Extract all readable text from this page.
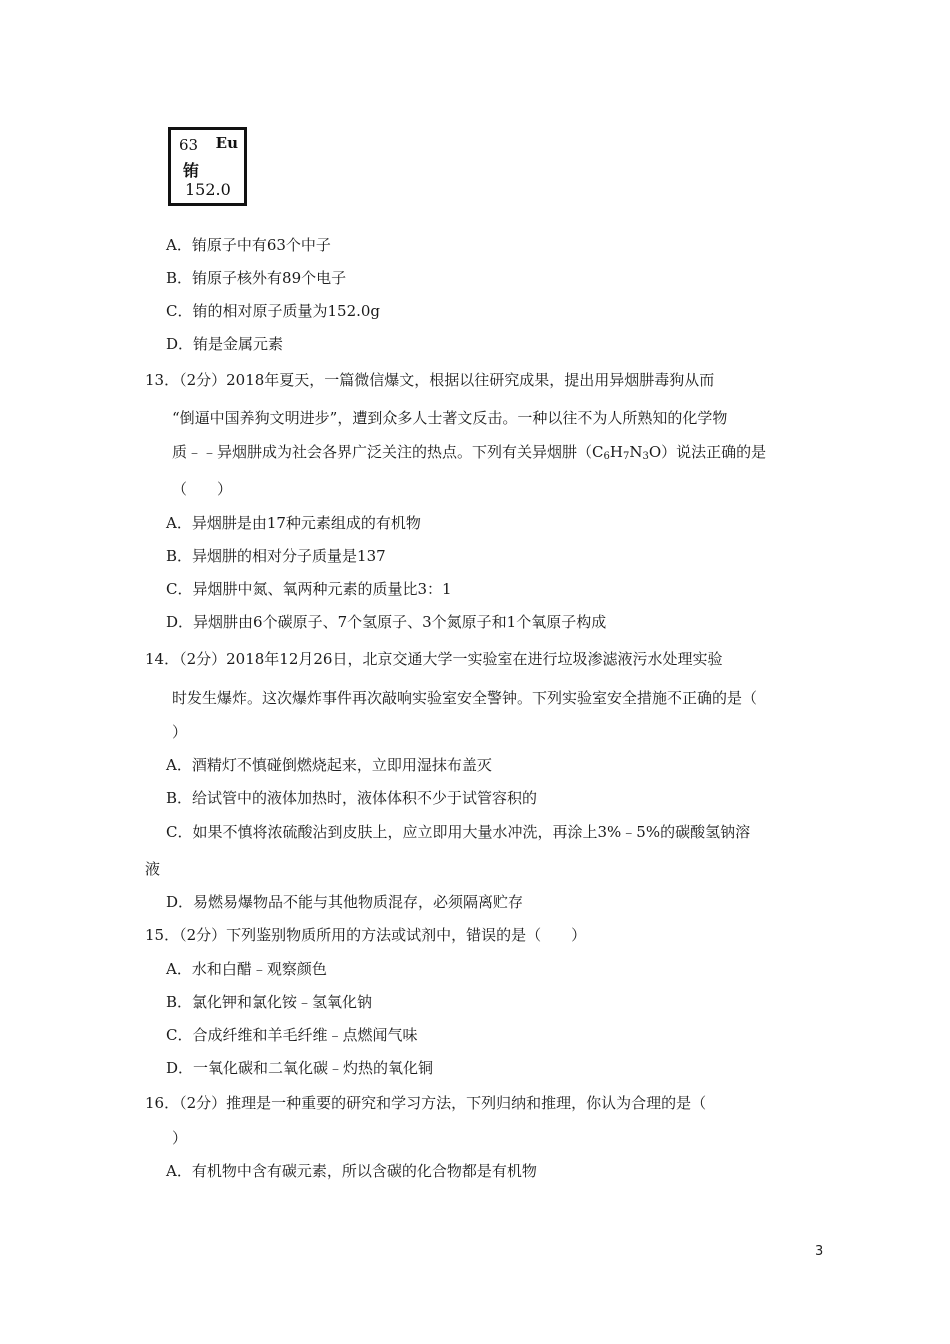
63 Eu
铕
152.0
A．铕原子中有63个中子
B．铕原子核外有89个电子
C．铕的相对原子质量为152.0g
D．铕是金属元素
13．（2分）2018年夏天，一篇微信爆文，根据以往研究成果，提出用异烟肼毒狗从而
“倒逼中国养狗文明进步”，遭到众多人士著文反击。一种以往不为人所熟知的化学物
质﹣﹣异烟肼成为社会各界广泛关注的热点。下列有关异烟肼$(C_6H_7N_3O)$说法正确的是
（　　）
A．异烟肼是由17种元素组成的有机物
B．异烟肼的相对分子质量是137
C．异烟肼中氮、氧两种元素的质量比3：1
D．异烟肼由6个碳原子、7个氢原子、3个氮原子和1个氧原子构成
14．（2分）2018年12月26日，北京交通大学一实验室在进行垃圾渗滤液污水处理实验
时发生爆炸。这次爆炸事件再次敲响实验室安全警钟。下列实验室安全措施不正确的是（
）
A．酒精灯不慎碰倒燃烧起来，立即用湿抹布盖灭
B．给试管中的液体加热时，液体体积不少于试管容积的
C．如果不慎将浓硫酸沾到皮肤上，应立即用大量水冲洗，再涂上3%﹣5%的碳酸氢钠溶
液
D．易燃易爆物品不能与其他物质混存，必须隔离贮存
15．（2分）下列鉴别物质所用的方法或试剂中，错误的是（　　）
A．水和白醋﹣观察颜色
B．氯化钾和氯化铵﹣氢氧化钠
C．合成纤维和羊毛纤维﹣点燃闻气味
D．一氧化碳和二氧化碳﹣灼热的氧化铜
16．（2分）推理是一种重要的研究和学习方法，下列归纳和推理，你认为合理的是（
）
A．有机物中含有碳元素，所以含碳的化合物都是有机物
3
